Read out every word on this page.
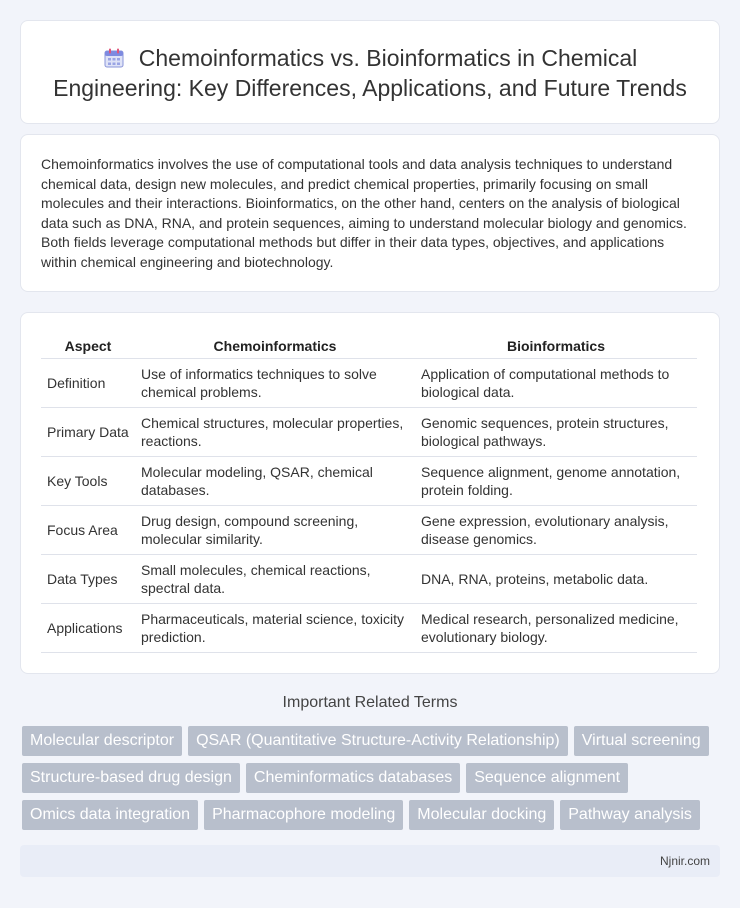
Chemoinformatics vs. Bioinformatics in Chemical Engineering: Key Differences, Applications, and Future Trends

Chemoinformatics involves the use of computational tools and data analysis techniques to understand chemical data, design new molecules, and predict chemical properties, primarily focusing on small molecules and their interactions. Bioinformatics, on the other hand, centers on the analysis of biological data such as DNA, RNA, and protein sequences, aiming to understand molecular biology and genomics. Both fields leverage computational methods but differ in their data types, objectives, and applications within chemical engineering and biotechnology.

Aspect	Chemoinformatics	Bioinformatics
Definition	Use of informatics techniques to solve chemical problems.	Application of computational methods to biological data.
Primary Data	Chemical structures, molecular properties, reactions.	Genomic sequences, protein structures, biological pathways.
Key Tools	Molecular modeling, QSAR, chemical databases.	Sequence alignment, genome annotation, protein folding.
Focus Area	Drug design, compound screening, molecular similarity.	Gene expression, evolutionary analysis, disease genomics.
Data Types	Small molecules, chemical reactions, spectral data.	DNA, RNA, proteins, metabolic data.
Applications	Pharmaceuticals, material science, toxicity prediction.	Medical research, personalized medicine, evolutionary biology.
Important Related Terms
Molecular descriptor	QSAR (Quantitative Structure-Activity Relationship)	Virtual screening
Structure-based drug design	Cheminformatics databases	Sequence alignment
Omics data integration	Pharmacophore modeling	Molecular docking	Pathway analysis
Njnir.com
